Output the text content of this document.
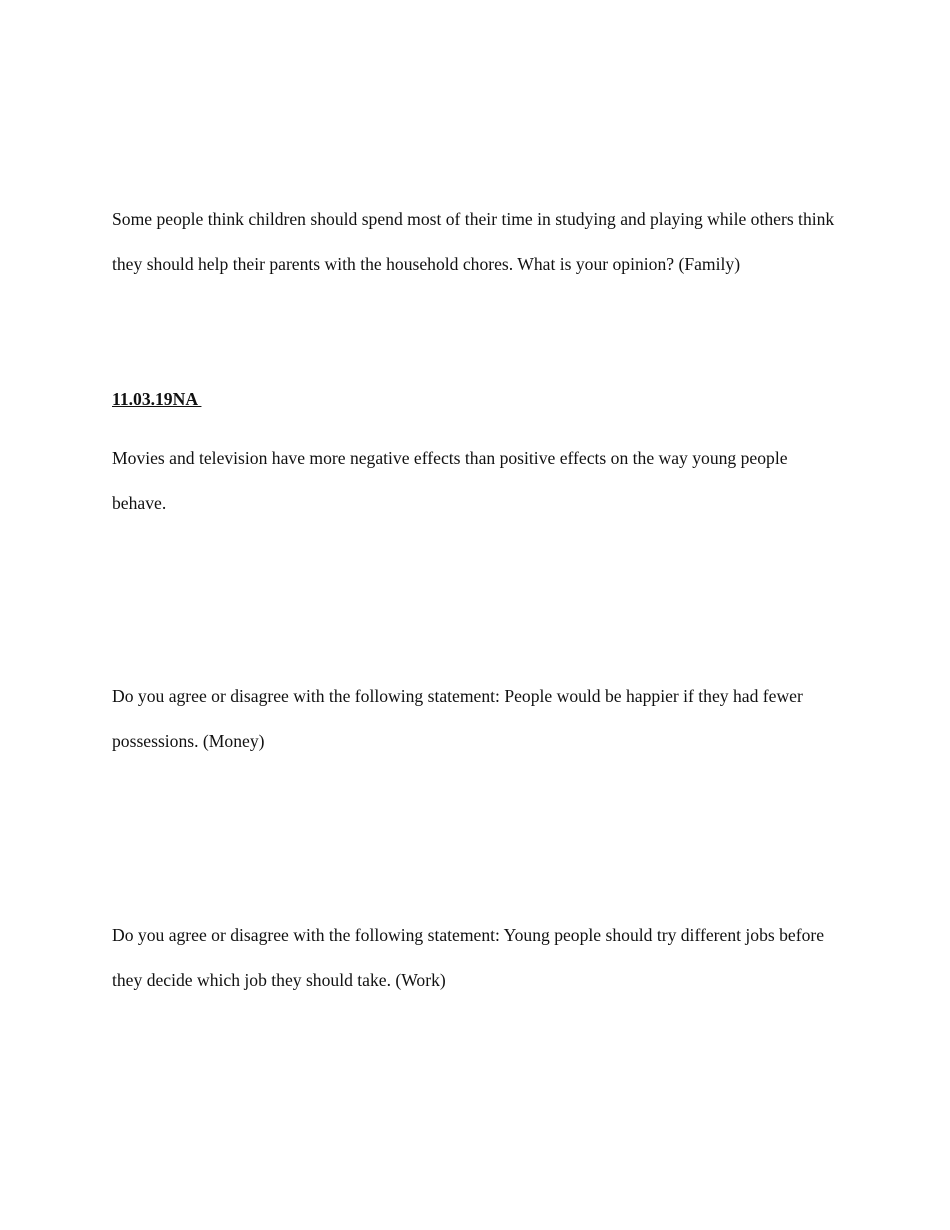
Some people think children should spend most of their time in studying and playing while others think they should help their parents with the household chores. What is your opinion? (Family)

11.03.19NA

Movies and television have more negative effects than positive effects on the way young people behave.

Do you agree or disagree with the following statement: People would be happier if they had fewer possessions. (Money)

Do you agree or disagree with the following statement: Young people should try different jobs before they decide which job they should take. (Work)
